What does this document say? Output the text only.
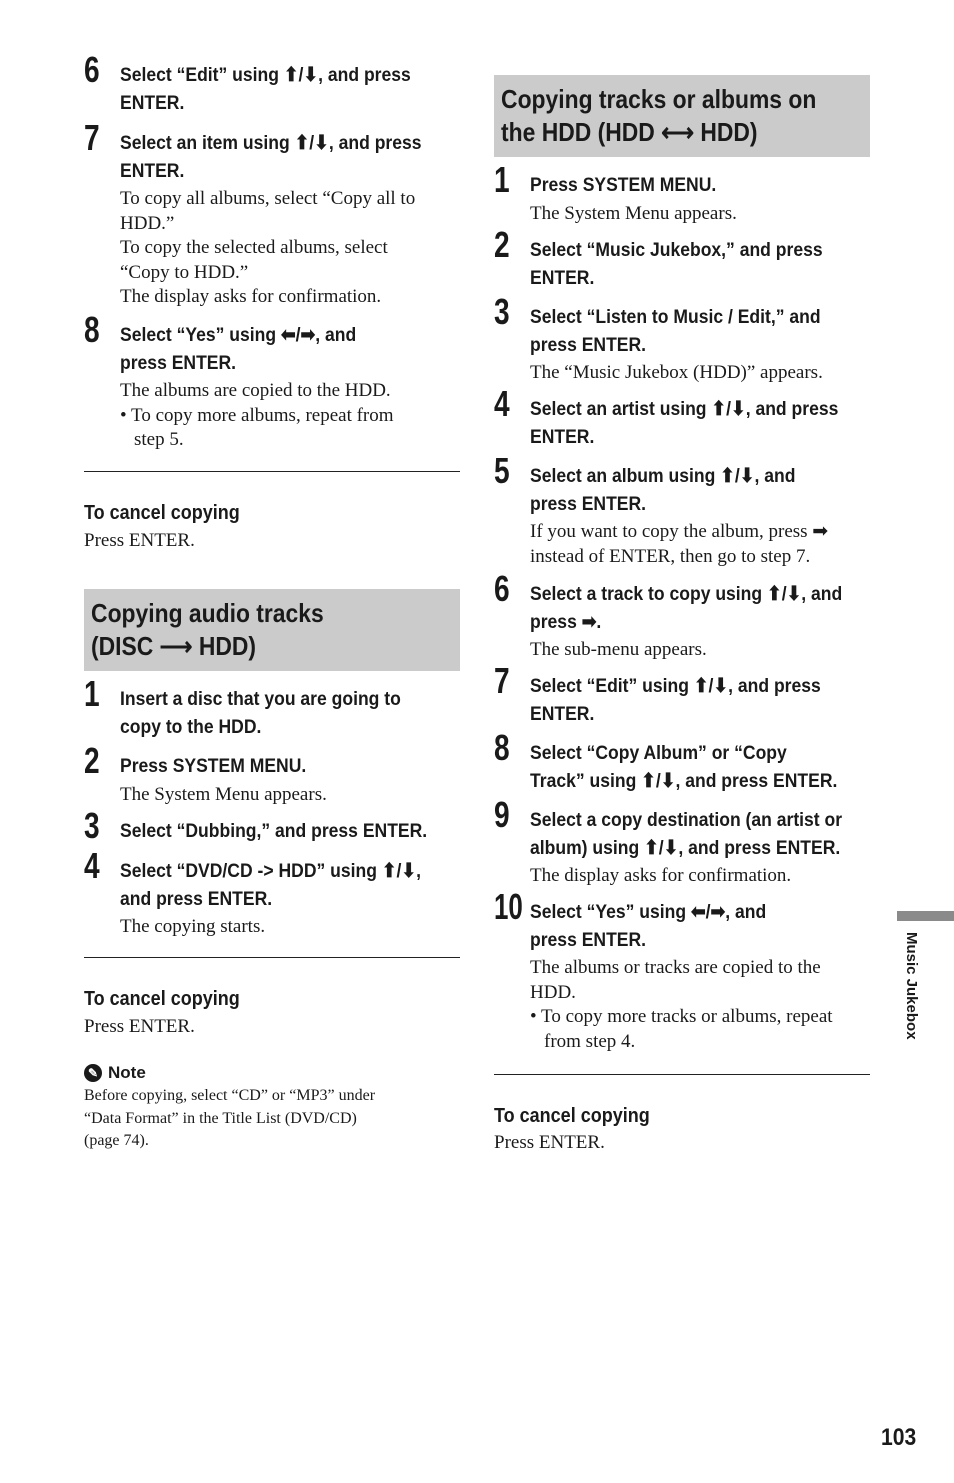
6 Select “Edit” using ⬆/⬇, and press
ENTER.
7 Select an item using ⬆/⬇, and press
ENTER.
To copy all albums, select “Copy all to
HDD.”
To copy the selected albums, select
“Copy to HDD.”
The display asks for confirmation.
8 Select “Yes” using ⬅/➡, and
press ENTER.
The albums are copied to the HDD.
• To copy more albums, repeat from
step 5.
To cancel copying
Press ENTER.
Copying audio tracks
(DISC ⟶ HDD)
1 Insert a disc that you are going to
copy to the HDD.
2 Press SYSTEM MENU.
The System Menu appears.
3 Select “Dubbing,” and press ENTER.
4 Select “DVD/CD -> HDD” using ⬆/⬇,
and press ENTER.
The copying starts.
To cancel copying
Press ENTER.
✎ Note
Before copying, select “CD” or “MP3” under
“Data Format” in the Title List (DVD/CD)
(page 74).
Copying tracks or albums on
the HDD (HDD ⟷ HDD)
1 Press SYSTEM MENU.
The System Menu appears.
2 Select “Music Jukebox,” and press
ENTER.
3 Select “Listen to Music / Edit,” and
press ENTER.
The “Music Jukebox (HDD)” appears.
4 Select an artist using ⬆/⬇, and press
ENTER.
5 Select an album using ⬆/⬇, and
press ENTER.
If you want to copy the album, press ➡
instead of ENTER, then go to step 7.
6 Select a track to copy using ⬆/⬇, and
press ➡.
The sub-menu appears.
7 Select “Edit” using ⬆/⬇, and press
ENTER.
8 Select “Copy Album” or “Copy
Track” using ⬆/⬇, and press ENTER.
9 Select a copy destination (an artist or
album) using ⬆/⬇, and press ENTER.
The display asks for confirmation.
10 Select “Yes” using ⬅/➡, and
press ENTER.
The albums or tracks are copied to the
HDD.
• To copy more tracks or albums, repeat
from step 4.
To cancel copying
Press ENTER.
Music Jukebox
103
